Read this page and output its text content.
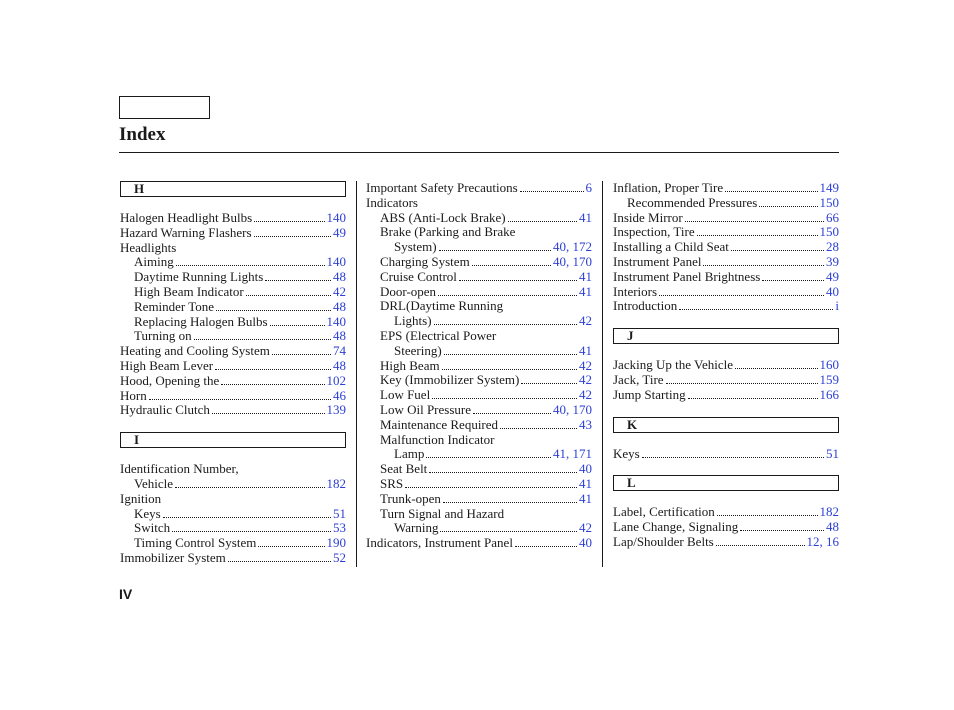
Index
H
Halogen Headlight Bulbs	140
Hazard Warning Flashers	49
Headlights
Aiming	140
Daytime Running Lights	48
High Beam Indicator	42
Reminder Tone	48
Replacing Halogen Bulbs	140
Turning on	48
Heating and Cooling System	74
High Beam Lever	48
Hood, Opening the	102
Horn	46
Hydraulic Clutch	139
I
Identification Number,
Vehicle	182
Ignition
Keys	51
Switch	53
Timing Control System	190
Immobilizer System	52
Important Safety Precautions	6
Indicators
ABS (Anti-Lock Brake)	41
Brake (Parking and Brake
System)	40, 172
Charging System	40, 170
Cruise Control	41
Door-open	41
DRL(Daytime Running
Lights)	42
EPS (Electrical Power
Steering)	41
High Beam	42
Key (Immobilizer System)	42
Low Fuel	42
Low Oil Pressure	40, 170
Maintenance Required	43
Malfunction Indicator
Lamp	41, 171
Seat Belt	40
SRS	41
Trunk-open	41
Turn Signal and Hazard
Warning	42
Indicators, Instrument Panel	40
Inflation, Proper Tire	149
Recommended Pressures	150
Inside Mirror	66
Inspection, Tire	150
Installing a Child Seat	28
Instrument Panel	39
Instrument Panel Brightness	49
Interiors	40
Introduction	i
J
Jacking Up the Vehicle	160
Jack, Tire	159
Jump Starting	166
K
Keys	51
L
Label, Certification	182
Lane Change, Signaling	48
Lap/Shoulder Belts	12, 16
IV
